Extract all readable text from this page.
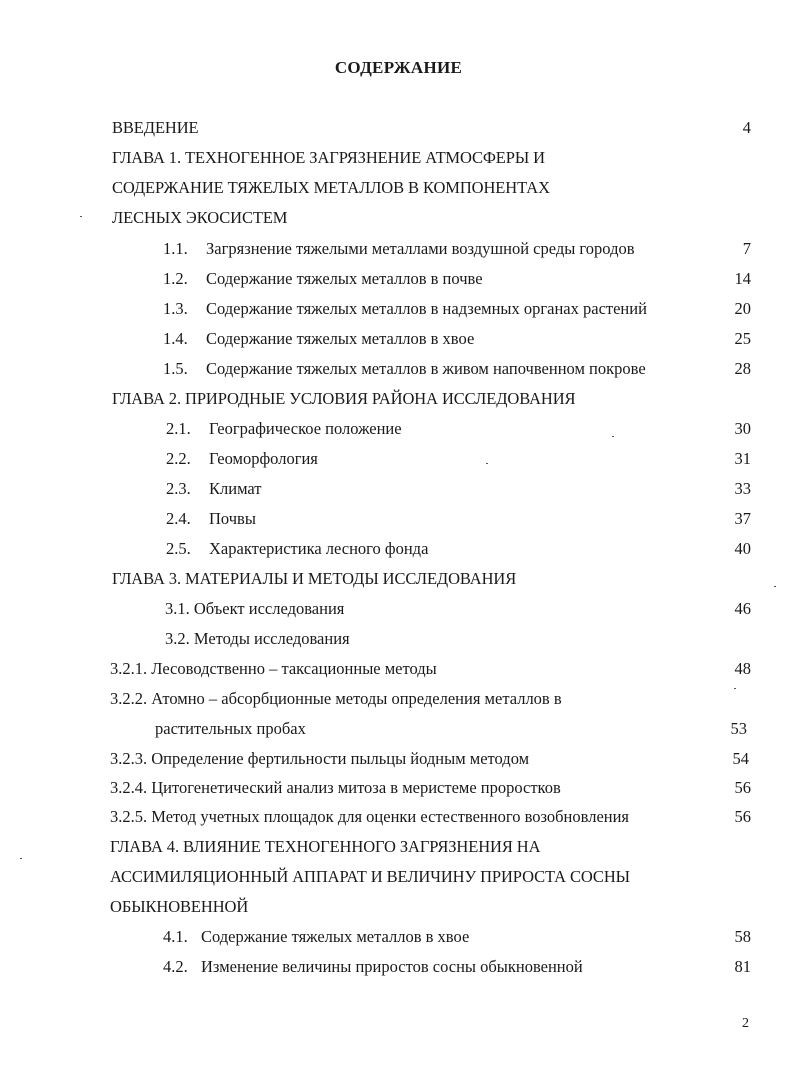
СОДЕРЖАНИЕ
ВВЕДЕНИЕ	4
ГЛАВА 1. ТЕХНОГЕННОЕ ЗАГРЯЗНЕНИЕ АТМОСФЕРЫ И
СОДЕРЖАНИЕ ТЯЖЕЛЫХ МЕТАЛЛОВ В КОМПОНЕНТАХ
ЛЕСНЫХ ЭКОСИСТЕМ
1.1. Загрязнение тяжелыми металлами воздушной среды городов	7
1.2. Содержание тяжелых металлов в почве	14
1.3. Содержание тяжелых металлов в надземных органах растений	20
1.4. Содержание тяжелых металлов в хвое	25
1.5. Содержание тяжелых металлов в живом напочвенном покрове	28
ГЛАВА 2. ПРИРОДНЫЕ УСЛОВИЯ РАЙОНА ИССЛЕДОВАНИЯ
2.1. Географическое положение	30
2.2. Геоморфология	31
2.3. Климат	33
2.4. Почвы	37
2.5. Характеристика лесного фонда	40
ГЛАВА 3. МАТЕРИАЛЫ И МЕТОДЫ ИССЛЕДОВАНИЯ
3.1. Объект исследования	46
3.2. Методы исследования
3.2.1. Лесоводственно – таксационные методы	48
3.2.2. Атомно – абсорбционные методы определения металлов в
растительных пробах	53
3.2.3. Определение фертильности пыльцы йодным методом	54
3.2.4. Цитогенетический анализ митоза в меристеме проростков	56
3.2.5. Метод учетных площадок для оценки естественного возобновления	56
ГЛАВА 4. ВЛИЯНИЕ ТЕХНОГЕННОГО ЗАГРЯЗНЕНИЯ НА
АССИМИЛЯЦИОННЫЙ АППАРАТ И ВЕЛИЧИНУ ПРИРОСТА СОСНЫ
ОБЫКНОВЕННОЙ
4.1. Содержание тяжелых металлов в хвое	58
4.2. Изменение величины приростов сосны обыкновенной	81
2
